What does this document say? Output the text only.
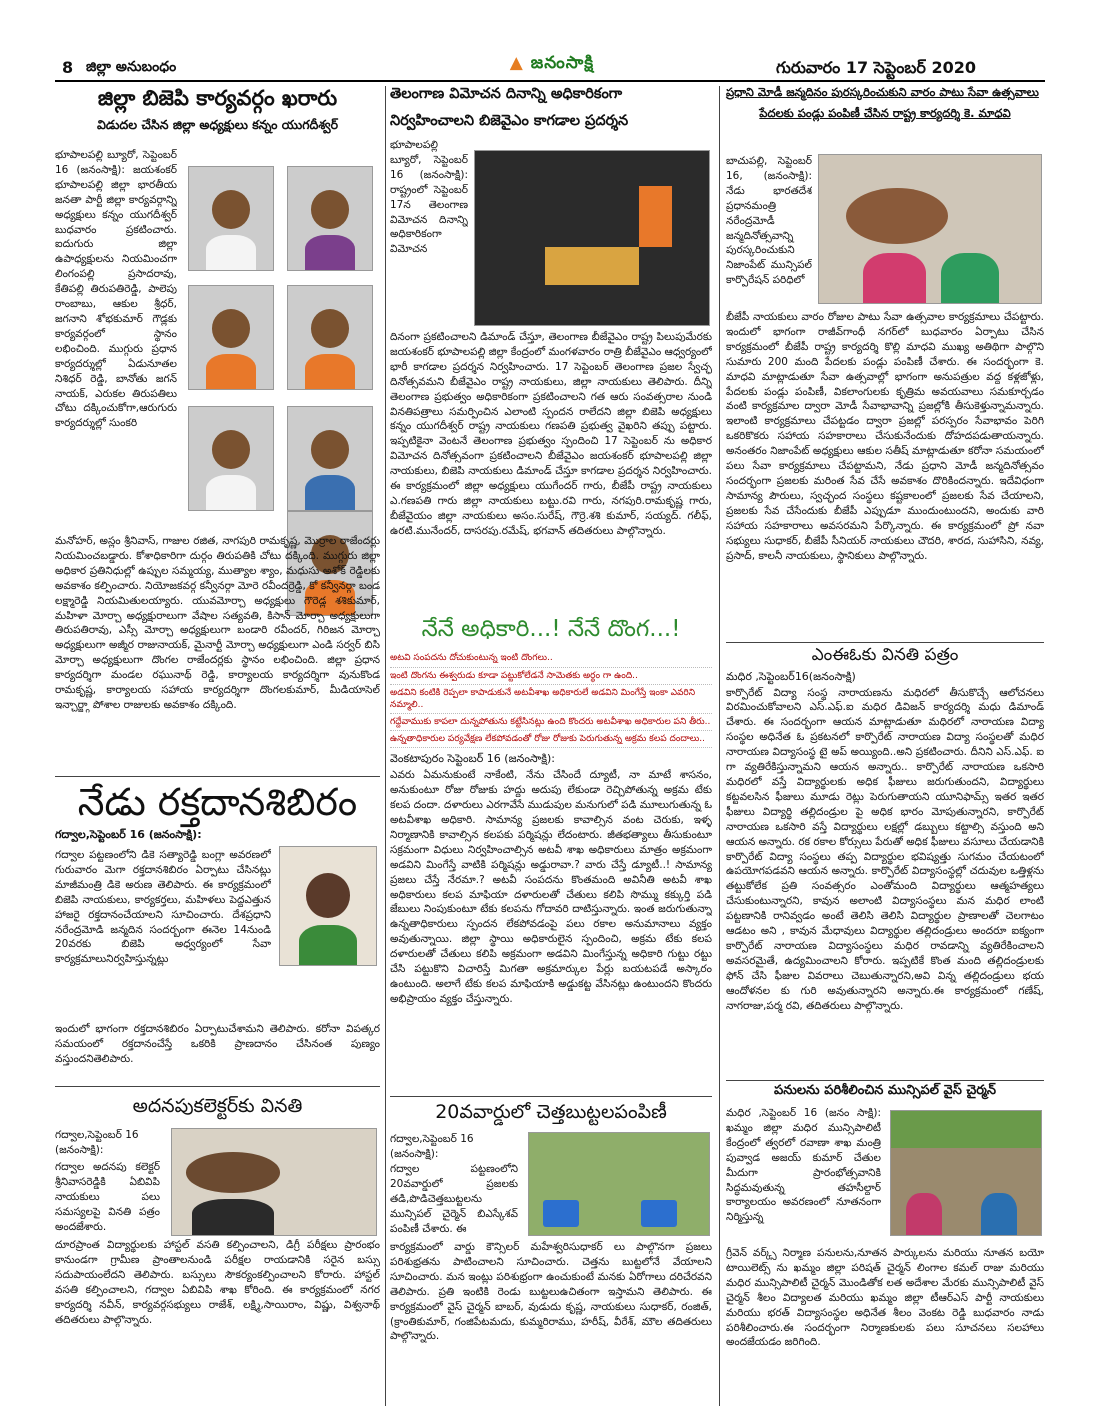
8 జిల్లా అనుబంధం	▲ జనంసాక్షి	గురువారం 17 సెప్టెంబర్ 2020
జిల్లా బిజెపి కార్యవర్గం ఖరారు
విడుదల చేసిన జిల్లా అధ్యక్షులు కన్నం యుగదీశ్వర్
భూపాలపల్లి బ్యూరో, సెప్టెంబర్ 16 (జనంసాక్షి): జయశంకర్ భూపాలపల్లి జిల్లా భారతీయ జనతా పార్టీ జిల్లా కార్యవర్గాన్ని అధ్యక్షులు కన్నం యుగదీశ్వర్ బుధవారం ప్రకటించారు. ఐదుగురు జిల్లా ఉపాధ్యక్షులను నియమించగా లింగంపల్లి ప్రసాదరావు, కేతిపల్లి తిరుపతిరెడ్డి, పాలెపు రాంబాబు, ఆకుల శ్రీధర్, జగనాని శోభకుమార్ గౌడ్లకు కార్యవర్గంలో స్థానం లభించింది. ముగ్గురు ప్రధాన కార్యదర్శుల్లో ఏడునూతల నిశిధర్ రెడ్డి, బానోతు జగన్ నాయక్, ఎరుకల తిరుపతిలు చోటు దక్కించుకోగా,ఆరుగురు కార్యదర్శుల్లో సుంకరి
మనోహర్, అస్లం శ్రీనివాస్, గాజుల రజిత, నాగపురి రామకృష్ణ, మొర్రాల రాజేందర్లు నియమించబడ్డారు. కోశాధికారిగా దుర్గం తిరుపతికి చోటు దక్కింది. ముగ్గురు జిల్లా అధికార ప్రతినిధుల్లో ఉప్పుల సమ్మయ్య, ముత్యాల శ్యాం, మధుసు అశోక్ రెడ్డిలకు అవకాశం కల్పించారు. నియోజకవర్గ కన్వీనర్గా మోరె రవీందర్రెడ్డి, కో కన్వీనర్గా బండ లక్ష్మారెడ్డి నియమితులయ్యారు. యువమోర్చా అధ్యక్షులు గౌరెడ్ల శశికుమార్, మహిళా మోర్చా అధ్యక్షురాలుగా వేషాల సత్యవతి, కిసాన్ మోర్చా అధ్యక్షులుగా తిరుపతిరావు, ఎస్సీ మోర్చా అధ్యక్షులుగా బండారి రవీందర్, గిరిజన మోర్చా అధ్యక్షులుగా అజ్మీర రాజునాయక్, మైనార్టీ మోర్చా అధ్యక్షులుగా ఎండి సర్వర్ బిసి మోర్చా అధ్యక్షులుగా దొంగల రాజేందర్లకు స్థానం లభించింది. జిల్లా ప్రధాన కార్యదర్శిగా మండల రఘునాథ్ రెడ్డి, కార్యాలయ కార్యదర్శిగా వునుకొండ రామకృష్ణ, కార్యాలయ సహాయ కార్యదర్శిగా దొంగలకుమార్, మీడియాసెల్ ఇన్చార్జ్గా పోశాల రాజులకు అవకాశం దక్కింది.
నేడు రక్తదానశిబిరం
గద్వాల,సెప్టెంబర్ 16 (జనంసాక్షి):
గద్వాల పట్టణంలోని డికె సత్యారెడ్డి బంగ్లా అవరణలో గురువారం మెగా రక్తదానశిబిరం ఏర్పాటు చేసినట్లు మాజీమంత్రి డికె అరుణ తెలిపారు. ఈ కార్యక్రమంలో బిజెపి నాయకులు, కార్యకర్తలు, మహిళలు పెద్దఎత్తున హాజరై రక్తదానంచేయాలని సూచించారు. దేశప్రధాని నరేంద్రమోడి జన్మదిన సందర్బంగా ఈనెల 14నుండి 20వరకు బిజెపి అధ్వర్యంలో సేవా కార్యక్రమాలునిర్వహిస్తున్నట్లు
ఇందులో భాగంగా రక్తదానశిబిరం ఏర్పాటుచేశామని తెలిపారు. కరోనా విపత్కర సమయంలో రక్తదానంచేస్తే ఒకరికి ప్రాణదానం చేసినంత పుణ్యం వస్తుందనితెలిపారు.
అదనపుకలెక్టర్‌కు వినతి
గద్వాల,సెప్టెంబర్ 16 (జనంసాక్షి):
గద్వాల అదనపు కలెక్టర్ శ్రీనివాసరెడ్డికి ఏబివిపి నాయకులు పలు సమస్యలపై వినతి పత్రం అందజేశారు.
దూరప్రాంత విద్యార్థులకు హాస్టల్ వసతి కల్పించాలని, డిగ్రీ పరీక్షలు ప్రారంభం కానుండగా గ్రామీణ ప్రాంతాలనుండి పరీక్షల రాయడానికి సరైన బస్సు సదుపాయంలేదని తెలిపారు. బస్సులు సౌకర్యంకల్పించాలని కోరారు. హాస్టల్ వసతి కల్పించాలని, గద్వాల ఏబివిపి శాఖ కోరింది. ఈ కార్యక్రమంలో నగర కార్యదర్శి నవీన్, కార్యవర్గసభ్యులు రాజేశ్, లక్ష్మి,సాయిరాం, విష్ణు, విశ్వనాథ్ తదితరులు పాల్గొన్నారు.
తెలంగాణ విమోచన దినాన్ని అధికారికంగా
నిర్వహించాలని బిజెవైఎం కాగడాల ప్రదర్శన
భూపాలపల్లి బ్యూరో, సెప్టెంబర్ 16 (జనంసాక్షి): రాష్ట్రంలో సెప్టెంబర్ 17న తెలంగాణ విమోచన దినాన్ని అధికారికంగా విమోచన
దినంగా ప్రకటించాలని డిమాండ్ చేస్తూ, తెలంగాణ బీజేవైఎం రాష్ట్ర పిలుపుమేరకు జయశంకర్ భూపాలపల్లి జిల్లా కేంద్రంలో మంగళవారం రాత్రి బీజేవైఎం ఆధ్వర్యంలో భారీ కాగడాల ప్రదర్శన నిర్వహించారు. 17 సెప్టెంబర్ తెలంగాణ ప్రజల స్వేచ్ఛ దినోత్సవమని బీజేవైఎం రాష్ట్ర నాయకులు, జిల్లా నాయకులు తెలిపారు. దీన్ని తెలంగాణ ప్రభుత్వం అధికారికంగా ప్రకటించాలని గత ఆరు సంవత్సరాల నుండి వినతిపత్రాలు సమర్పించిన ఎలాంటి స్పందన రాలేదని జిల్లా బిజెపి అధ్యక్షులు కన్నం యుగదీశ్వర్ రాష్ట్ర నాయకులు గణపతి ప్రభుత్వ వైఖరిని తప్పు పట్టారు. ఇప్పటికైనా వెంటనే తెలంగాణ ప్రభుత్వం స్పందించి 17 సెప్టెంబర్ ను అధికార విమోచన దినోత్సవంగా ప్రకటించాలని బీజేవైఎం జయశంకర్ భూపాలపల్లి జిల్లా నాయకులు, బిజెపి నాయకులు డిమాండ్ చేస్తూ కాగడాల ప్రదర్శన నిర్వహించారు. ఈ కార్యక్రమంలో జిల్లా అధ్యక్షులు యుగేందర్ గారు, బీజేపీ రాష్ట్ర నాయకులు ఎ.గణపతి గారు జిల్లా నాయకులు బట్టు.రవి గారు, నగపురి.రామకృష్ణ గారు, బీజేవైయం జిల్లా నాయకులు అసం.సురేష్, గౌర్రె.శశి కుమార్, సయ్యద్. గలీఫ్, ఉరటి.మునేందర్, దాసరపు.రమేష్, భగవాన్ తదితరులు పాల్గొన్నారు.
నేనే అధికారి...! నేనే దొంగ...!
అటవి సంపదను దోచుకుంటున్న ఇంటి దొంగలు..
ఇంటి దొంగను ఈశ్వరుడు కూడా పట్టుకోలేడనే సామెతకు అర్థం గా ఉంది..
అడవిని కంటికి రెప్పలా కాపాడుకునే అటవీశాఖ అధికారులే అడవిని మింగేస్తే ఇంకా ఎవరిని నమ్మాలి..
గద్దేవాముకు కాపలా దున్నపోతును కట్టేసినట్లు ఉంది కొందరు అటవీశాఖ అధికారుల పని తీరు..
ఉన్నతాధికారుల పర్యవేక్షణ లేకపోవడంతో రోజు రోజుకు పెరుగుతున్న అక్రమ కలప దందాలు..
వెంకటాపురం సెప్టెంబర్ 16 (జనంసాక్షి):
ఎవరు ఏమనుకుంటే నాకేంటి, నేను చేసిందే ద్యూటీ, నా మాటే శాసనం, అనుకుంటూ రోజు రోజుకు హద్దు అదుపు లేకుండా రెచ్చిపోతున్న అక్రమ టేకు కలప దందా. దళారులు ఎరగావేసే ముడుపుల మనుగులో పడి మూలుగుతున్న ఓ అటవీశాఖ అధికారి. సామాన్య ప్రజలకు కావాల్సిన వంట చెరుకు, ఇళ్ళ నిర్మాణానికి కావాల్సిన కలపకు పర్మిషన్లు లేదంటారు. జీతభత్యాలు తీసుకుంటూ సక్రమంగా విధులు నిర్వహించాల్సిన అటవీ శాఖ అధికారులు మాత్రం అక్రమంగా అడవిని మింగేస్తే వాటికి పర్మిషన్లు అడ్డురావా.? వారు చేస్తే డ్యూటీ..! సామాన్య ప్రజలు చేస్తే నేరమా.? అటవీ సంపదను కొంతమంది అవినీతి అటవీ శాఖ అధికారులు కలప మాఫియా దళారులతో చేతులు కలిపి సొమ్ము కక్కుర్తి పడి జేబులు నింపుకుంటూ టేకు కలపను గోదావరి దాటిస్తున్నారు. ఇంత జరుగుతున్నా ఉన్నతాధికారులు స్పందన లేకపోవడంపై పలు రకాల అనుమానాలు వ్యక్తం అవుతున్నాయి. జిల్లా స్థాయి అధికారులైన స్పందించి, అక్రమ టేకు కలప దళారులతో చేతులు కలిపి అక్రమంగా అడవిని మింగేస్తున్న అధికారి గుట్టు రట్టు చేసి పట్టుకొని విచారిస్తే మిగతా అక్రమార్కుల పేర్లు బయటపడే అస్కారం ఉంటుంది. అలాగే టేకు కలప మాఫియాకి అడ్డుకట్ట వేసినట్లు ఉంటుందని కొందరు అభిప్రాయం వ్యక్తం చేస్తున్నారు.
20వవార్డులో చెత్తబుట్టలపంపిణీ
గద్వాల,సెప్టెంబర్ 16 (జనంసాక్షి):
గద్వాల పట్టణంలోని 20వవార్డులో ప్రజలకు తడి,పొడిచెత్తబుట్టలను మున్సిపల్ చైర్మెన్ బిఎస్కేశవ్ పంపిణీ చేశారు. ఈ
కార్యక్రమంలో వార్డు కౌన్సిలర్ మహేశ్వరిసుధాకర్ లు పాల్గొనగా ప్రజలు పరిశుభ్రతను పాటించాలని సూచించారు. చెత్తను బుట్టలోనే వేయాలని సూచించారు. మన ఇంట్లు పరిశుభ్రంగా ఉంచుకుంటే మనకు ఏరోగాలు దరిచేరవని తెలిపారు. ప్రతి ఇంటికి రెండు బుట్టలుఉచితంగా ఇస్తామని తెలిపారు. ఈ కార్యక్రమంలో వైస్ చైర్మన్ బాబర్, వుడుదు కృష్ణ, నాయకులు సుధాకర్, రంజిత్, (క్రాంతికుమార్, గంజిపేటమదు, కుమ్మరిరాము, హరీష్, వీరేశ్, మౌల తదితరులు పాల్గొన్నారు.
ప్రధాని మోడీ జన్మదినం పురస్కరించుకుని వారం పాటు సేవా ఉత్సవాలు
పేదలకు పండ్లు పంపిణీ చేసిన రాష్ట్ర కార్యదర్శి కె. మాధవి
బాచుపల్లి, సెప్టెంబర్ 16, (జనంసాక్షి): నేడు భారతదేశ ప్రధానమంత్రి నరేంద్రమోడీ జన్మదినోత్సవాన్ని పురస్కరించుకుని నిజాంపేట్ మున్సిపల్ కార్పొరేషన్ పరిధిలో
బీజేపీ నాయకులు వారం రోజుల పాటు సేవా ఉత్సవాల కార్యక్రమాలు చేపట్టారు. ఇందులో భాగంగా రాజీవ్‌గాంధీ నగర్‌లో బుధవారం ఏర్పాటు చేసిన కార్యక్రమంలో బీజేపీ రాష్ట్ర కార్యదర్శి కొల్లి మాధవి ముఖ్య అతిథిగా పాల్గొని సుమారు 200 మంది పేదలకు పండ్లు పంపిణీ చేశారు. ఈ సందర్భంగా కె. మాధవి మాట్లాడుతూ సేవా ఉత్సవాల్లో భాగంగా అనుపత్రుల వద్ద కళ్లజోళ్లు, పేదలకు పండ్లు పంపిణీ, వికలాంగులకు కృత్రిమ అవయవాలు సమకూర్చడం వంటి కార్యక్రమాల ద్వారా మోడీ సేవాభావాన్ని ప్రజల్లోకి తీసుకెళ్తున్నామన్నారు. ఇలాంటి కార్యక్రమాలు చేపట్టడం ద్వారా ప్రజల్లో పరస్పరం సేవాభావం పెరిగి ఒకరికొకరు సహాయ సహకారాలు చేసుకునేందుకు దోహదపడుతాయన్నారు. అనంతరం నిజాంపేట్ అధ్యక్షులు ఆకుల సతీష్ మాట్లాడుతూ కరోనా సమయంలో పలు సేవా కార్యక్రమాలు చేపట్టామని, నేడు ప్రధాని మోడీ జన్మదినోత్సవం సందర్భంగా ప్రజలకు మరింత సేవ చేసే అవకాశం దొరికిందన్నారు. ఇదేవిధంగా సామాన్య పౌరులు, స్వచ్ఛంద సంస్థలు కష్టకాలంలో ప్రజలకు సేవ చేయాలని, ప్రజలకు సేవ చేసేందుకు బీజేపీ ఎప్పుడూ ముందుంటుందని, అందుకు వారి సహాయ సహకారాలు అవసరమని పేర్కొన్నారు. ఈ కార్యక్రమంలో ప్రో నవా సభ్యులు సుధాకర్, బీజేపీ సీనియర్ నాయకులు చౌదరి, శారద, సుహాసిని, నవ్య, ప్రసాద్, కాలనీ నాయకులు, స్థానికులు పాల్గొన్నారు.
ఎంఈఓకు వినతి పత్రం
మధిర ,సెప్టెంబర్16(జనంసాక్షి)
కార్పొరేట్ విద్యా సంస్థ నారాయణను మధిరలో తీసుకొచ్చే ఆలోచనలు విరమించుకోవాలని ఎస్.ఎఫ్.ఐ మధిర డివిజన్ కార్యదర్శి మధు డిమాండ్ చేశారు. ఈ సందర్భంగా ఆయన మాట్లాడుతూ మధిరలో నారాయణ విద్యా సంస్థల అధినేత ఓ ప్రకటనలో కార్పొరేట్ నారాయణ విద్యా సంస్థలతో మధిర నారాయణ విద్యాసంస్థ టై అప్ అయ్యింది..అని ప్రకటించారు. దీనిని ఎస్.ఎఫ్. ఐ గా వ్యతిరేకిస్తున్నామని ఆయన అన్నారు.. కార్పొరేట్ నారాయణ ఒకసారి మధిరలో వస్తే విద్యార్థులకు అధిక ఫీజులు జరుగుతుందని, విద్యార్థులు కట్టవలసిన ఫీజులు మూడు రెట్లు పెరుగుతాయని యూనిఫామ్స్ ఇతర ఇతర ఫీజులు విద్యార్థి తల్లిదండ్రుల పై అధిక భారం మోపుతున్నారని, కార్పొరేట్ నారాయణ ఒకసారి వస్తే విద్యార్థులు లక్షల్లో డబ్బులు కట్టాల్సి వస్తుంది అని ఆయన అన్నారు. రక రకాల కోర్సులు పేరుతో అధిక ఫీజులు వసూలు చేయడానికి కార్పొరేట్ విద్యా సంస్థలు తప్ప విద్యార్థుల భవిష్యత్తు సుగమం చేయటంలో ఉపయోగపడవని ఆయన అన్నారు. కార్పొరేట్ విద్యాసంస్థల్లో చదువుల ఒత్తిళ్లను తట్టుకోలేక ప్రతి సంవత్సరం ఎంతోమంది విద్యార్థులు ఆత్మహత్యలు చేసుకుంటున్నారని, కావున అలాంటి విద్యాసంస్థలు మన మధిర లాంటి పట్టణానికి రానివ్వడం అంటే తెలిసి తెలిసి విద్యార్థుల ప్రాణాలతో చెలగాటం ఆడటం అని , కావున మేధావులు విద్యార్థుల తల్లిదండ్రులు అందరూ ఐక్యంగా కార్పొరేట్ నారాయణ విద్యాసంస్థలు మధిర రావడాన్ని వ్యతిరేకించాలని అవసరమైతే, ఉద్యమించాలని కోరారు. ఇప్పటికే కొంత మంది తల్లిదండ్రులకు ఫోన్ చేసి ఫీజుల వివరాలు చెబుతున్నారని,అవి విన్న తల్లిదండ్రులు భయ ఆందోళనల కు గురి అవుతున్నారని అన్నారు.ఈ కార్యక్రమంలో గణేష్, నాగరాజు,పర్మ రవి, తదితరులు పాల్గొన్నారు.
పనులను పరిశీలించిన మున్సిపల్ వైస్ చైర్మన్
మధిర ,సెప్టెంబర్ 16 (జనం సాక్షి): ఖమ్మం జిల్లా మధిర మున్సిపాలిటీ కేంద్రంలో త్వరలో రవాణా శాఖ మంత్రి పువ్వాడ అజయ్ కుమార్ చేతుల మీదుగా ప్రారంభోత్సవానికి సిద్ధమవుతున్న తహసీల్దార్ కార్యాలయం అవరణంలో నూతనంగా నిర్మిస్తున్న
గ్రీవెన్ వర్క్స్ నిర్మాణ పనులను,నూతన పార్కులను మరియు నూతన బయో టాయిలెట్స్ ను ఖమ్మం జిల్లా పరిషత్ చైర్మన్ లింగాల కమల్ రాజు మరియు మధిర మున్సిపాలిటీ చైర్మన్ మొండితోక లత అదేశాల మేరకు మున్సిపాలిటీ వైస్ చైర్మన్ శీలం విద్యాలత మరియు ఖమ్మం జిల్లా టీఆర్ఎస్ పార్టీ నాయకులు మరియు భరత్ విద్యాసంస్థల అధినేత శీలం వెంకట రెడ్డి బుధవారం నాడు పరిశీలించారు.ఈ సందర్భంగా నిర్మాణకులకు పలు సూచనలు సలహాలు అందజేయడం జరిగింది.
